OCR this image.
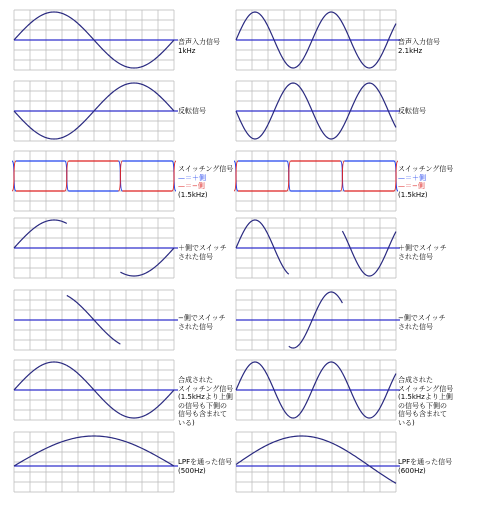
音声入力信号
1kHz
反転信号
スイッチング信号
—＝＋側
—＝−側
(1.5kHz)
＋側でスイッチ
された信号
−側でスイッチ
された信号
合成された
スイッチング信号
(1.5kHzより上側
の信号も下側の
信号も含まれて
いる)
LPFを通った信号
(500Hz)
音声入力信号
2.1kHz
反転信号
スイッチング信号
—＝＋側
—＝−側
(1.5kHz)
＋側でスイッチ
された信号
−側でスイッチ
された信号
合成された
スイッチング信号
(1.5kHzより上側
の信号も下側の
信号も含まれて
いる)
LPFを通った信号
(600Hz)
